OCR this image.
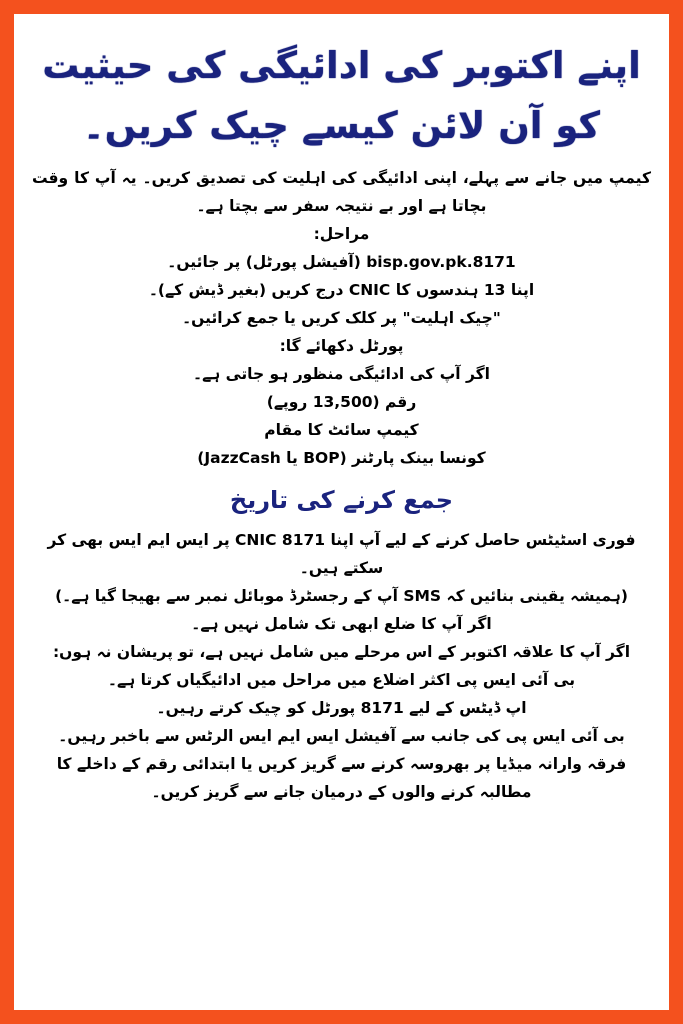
اپنے اکتوبر کی ادائیگی کی حیثیت کو آن لائن کیسے چیک کریں۔

کیمپ میں جانے سے پہلے، اپنی ادائیگی کی اہلیت کی تصدیق کریں۔ یہ آپ کا وقت بچاتا ہے اور بے نتیجہ سفر سے بچتا ہے۔

مراحل:

8171.bisp.gov.pk (آفیشل پورٹل) پر جائیں۔

اپنا 13 ہندسوں کا CNIC درج کریں (بغیر ڈیش کے)۔

"چیک اہلیت" پر کلک کریں یا جمع کرائیں۔

پورٹل دکھائے گا:

اگر آپ کی ادائیگی منظور ہو جاتی ہے۔

رقم (13,500 روپے)

کیمپ سائٹ کا مقام

کونسا بینک پارٹنر (BOP یا JazzCash)

جمع کرنے کی تاریخ

فوری اسٹیٹس حاصل کرنے کے لیے آپ اپنا CNIC 8171 پر ایس ایم ایس بھی کر سکتے ہیں۔

(ہمیشہ یقینی بنائیں کہ SMS آپ کے رجسٹرڈ موبائل نمبر سے بھیجا گیا ہے۔)

اگر آپ کا ضلع ابھی تک شامل نہیں ہے۔

اگر آپ کا علاقہ اکتوبر کے اس مرحلے میں شامل نہیں ہے، تو پریشان نہ ہوں:

بی آئی ایس پی اکثر اضلاع میں مراحل میں ادائیگیاں کرتا ہے۔

اپ ڈیٹس کے لیے 8171 پورٹل کو چیک کرتے رہیں۔

بی آئی ایس پی کی جانب سے آفیشل ایس ایم ایس الرٹس سے باخبر رہیں۔

فرقہ وارانہ میڈیا پر بھروسہ کرنے سے گریز کریں یا ابتدائی رقم کے داخلے کا مطالبہ کرنے والوں کے درمیان جانے سے گریز کریں۔
